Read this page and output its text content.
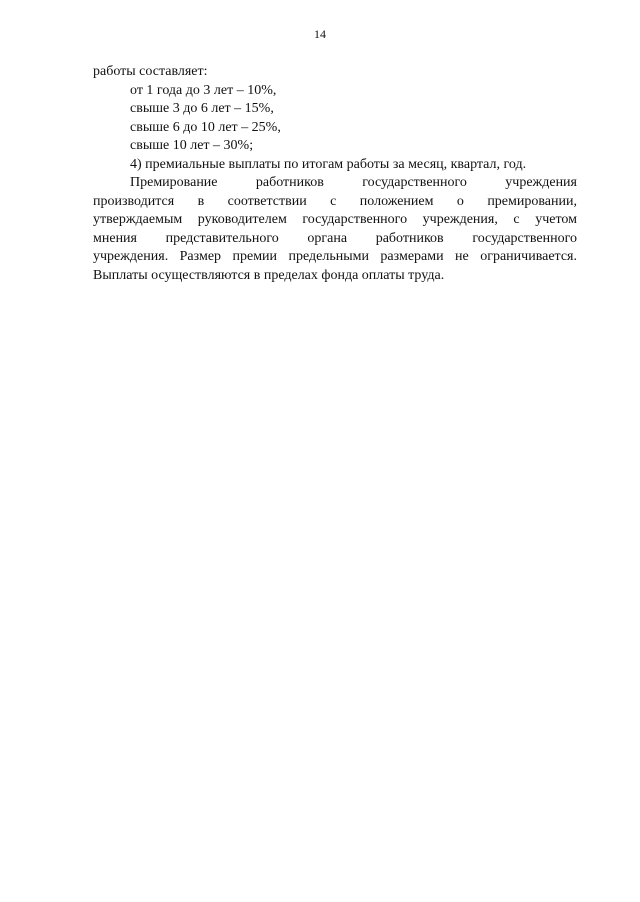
14

работы составляет:

от 1 года до 3 лет – 10%,

свыше 3 до 6 лет – 15%,

свыше 6 до 10 лет – 25%,

свыше 10 лет – 30%;

4) премиальные выплаты по итогам работы за месяц, квартал, год.

Премирование работников государственного учреждения

производится в соответствии с положением о премировании,

утверждаемым руководителем государственного учреждения, с учетом

мнения представительного органа работников государственного

учреждения. Размер премии предельными размерами не ограничивается.

Выплаты осуществляются в пределах фонда оплаты труда.
